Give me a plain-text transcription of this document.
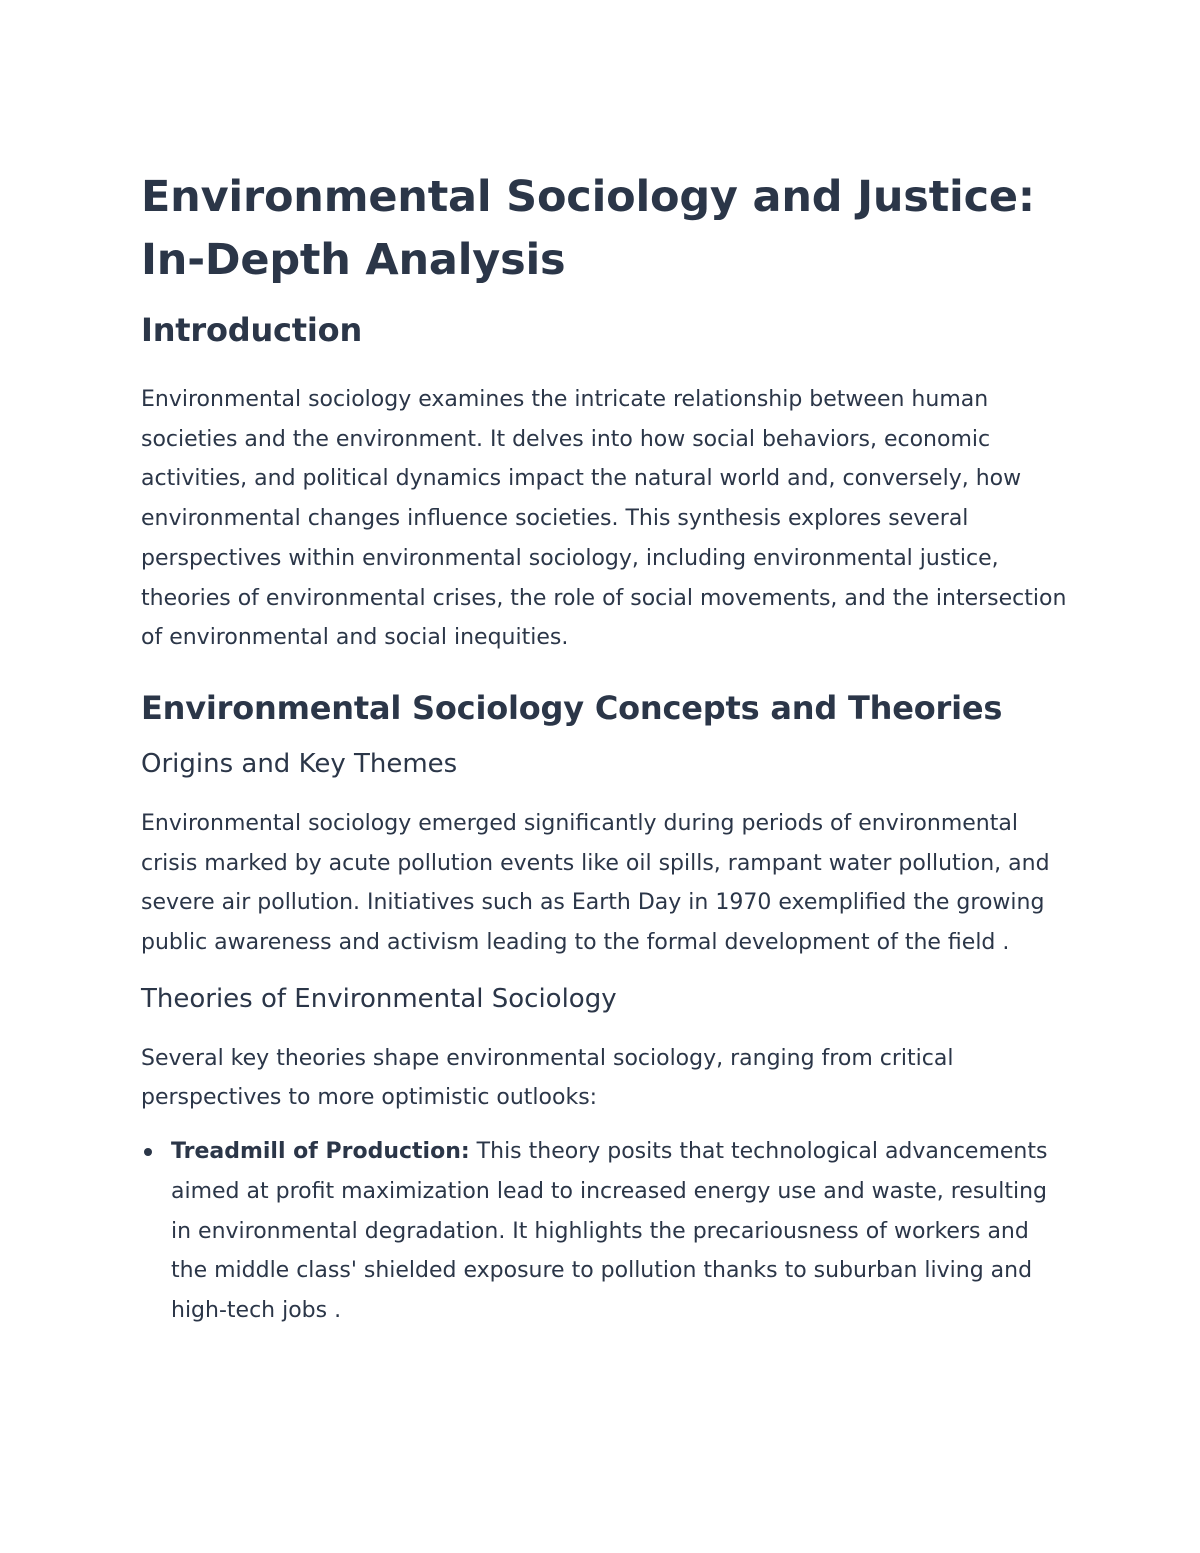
Environmental Sociology and Justice:
In-Depth Analysis
Introduction

Environmental sociology examines the intricate relationship between human societies and the environment. It delves into how social behaviors, economic activities, and political dynamics impact the natural world and, conversely, how environmental changes influence societies. This synthesis explores several perspectives within environmental sociology, including environmental justice, theories of environmental crises, the role of social movements, and the intersection of environmental and social inequities.

Environmental Sociology Concepts and Theories
Origins and Key Themes

Environmental sociology emerged significantly during periods of environmental crisis marked by acute pollution events like oil spills, rampant water pollution, and severe air pollution. Initiatives such as Earth Day in 1970 exemplified the growing public awareness and activism leading to the formal development of the field .

Theories of Environmental Sociology

Several key theories shape environmental sociology, ranging from critical perspectives to more optimistic outlooks:

Treadmill of Production: This theory posits that technological advancements aimed at profit maximization lead to increased energy use and waste, resulting in environmental degradation. It highlights the precariousness of workers and the middle class' shielded exposure to pollution thanks to suburban living and high-tech jobs .
